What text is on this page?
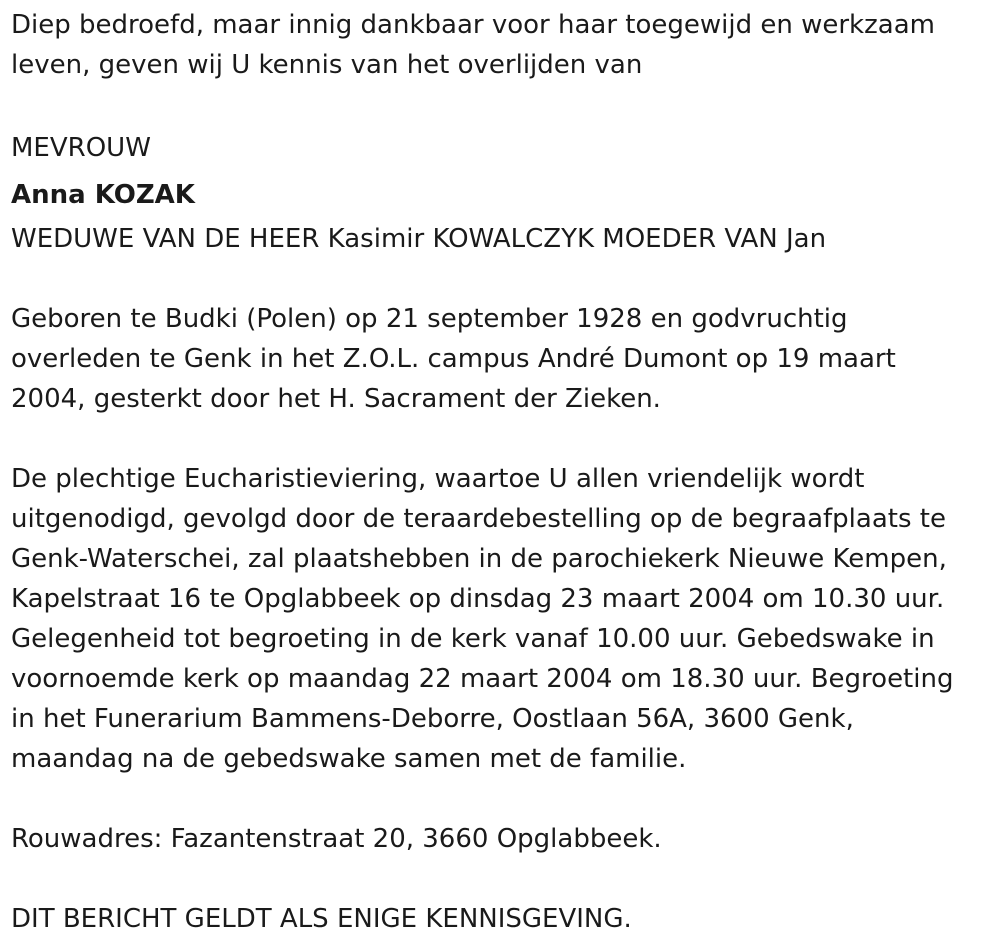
Diep bedroefd, maar innig dankbaar voor haar toegewijd en werkzaam
leven, geven wij U kennis van het overlijden van
MEVROUW
Anna KOZAK
WEDUWE VAN DE HEER Kasimir KOWALCZYK MOEDER VAN Jan
Geboren te Budki (Polen) op 21 september 1928 en godvruchtig
overleden te Genk in het Z.O.L. campus André Dumont op 19 maart
2004, gesterkt door het H. Sacrament der Zieken.
De plechtige Eucharistieviering, waartoe U allen vriendelijk wordt
uitgenodigd, gevolgd door de teraardebestelling op de begraafplaats te
Genk-Waterschei, zal plaatshebben in de parochiekerk Nieuwe Kempen,
Kapelstraat 16 te Opglabbeek op dinsdag 23 maart 2004 om 10.30 uur.
Gelegenheid tot begroeting in de kerk vanaf 10.00 uur. Gebedswake in
voornoemde kerk op maandag 22 maart 2004 om 18.30 uur. Begroeting
in het Funerarium Bammens-Deborre, Oostlaan 56A, 3600 Genk,
maandag na de gebedswake samen met de familie.
Rouwadres: Fazantenstraat 20, 3660 Opglabbeek.
DIT BERICHT GELDT ALS ENIGE KENNISGEVING.
